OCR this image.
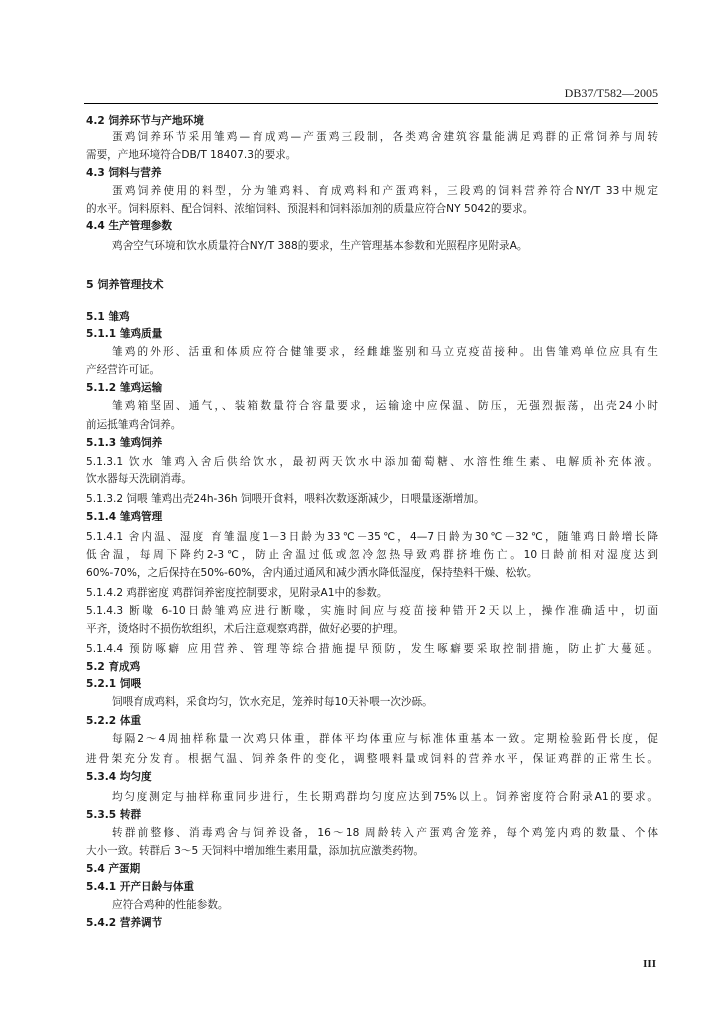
DB37/T582—2005
4.2 饲养环节与产地环境
蛋鸡饲养环节采用雏鸡—育成鸡—产蛋鸡三段制，各类鸡舍建筑容量能满足鸡群的正常饲养与周转
需要，产地环境符合DB/T 18407.3的要求。
4.3 饲料与营养
蛋鸡饲养使用的料型，分为雏鸡料、育成鸡料和产蛋鸡料，三段鸡的饲料营养符合NY/T 33中规定
的水平。饲料原料、配合饲料、浓缩饲料、预混料和饲料添加剂的质量应符合NY 5042的要求。
4.4 生产管理参数
鸡舍空气环境和饮水质量符合NY/T 388的要求，生产管理基本参数和光照程序见附录A。
5 饲养管理技术
5.1 雏鸡
5.1.1 雏鸡质量
雏鸡的外形、活重和体质应符合健雏要求，经雌雄鉴别和马立克疫苗接种。出售雏鸡单位应具有生
产经营许可证。
5.1.2 雏鸡运输
雏鸡箱坚固、通气，、装箱数量符合容量要求，运输途中应保温、防压，无强烈振荡，出壳24小时
前运抵雏鸡舍饲养。
5.1.3 雏鸡饲养
5.1.3.1 饮水 雏鸡入舍后供给饮水，最初两天饮水中添加葡萄糖、水溶性维生素、电解质补充体液。
饮水器每天洗刷消毒。
5.1.3.2 饲喂 雏鸡出壳24h-36h 饲喂开食料，喂料次数逐渐减少，日喂量逐渐增加。
5.1.4 雏鸡管理
5.1.4.1 舍内温、湿度 育雏温度1－3日龄为33℃－35℃，4—7日龄为30℃－32℃，随雏鸡日龄增长降
低舍温，每周下降约2-3℃，防止舍温过低或忽冷忽热导致鸡群挤堆伤亡。10日龄前相对湿度达到
60%-70%，之后保持在50%-60%，舍内通过通风和减少洒水降低湿度，保持垫料干燥、松软。
5.1.4.2 鸡群密度 鸡群饲养密度控制要求，见附录A1中的参数。
5.1.4.3 断喙 6-10日龄雏鸡应进行断喙，实施时间应与疫苗接种错开2天以上，操作准确适中，切面
平齐，烫烙时不损伤软组织，术后注意观察鸡群，做好必要的护理。
5.1.4.4 预防啄癖 应用营养、管理等综合措施提早预防，发生啄癖要采取控制措施，防止扩大蔓延。
5.2 育成鸡
5.2.1 饲喂
饲喂育成鸡料，采食均匀，饮水充足，笼养时每10天补喂一次沙砾。
5.2.2 体重
每隔2～4周抽样称量一次鸡只体重，群体平均体重应与标准体重基本一致。定期检验跖骨长度，促
进骨架充分发育。根据气温、饲养条件的变化，调整喂料量或饲料的营养水平，保证鸡群的正常生长。
5.3.4 均匀度
均匀度测定与抽样称重同步进行，生长期鸡群均匀度应达到75%以上。饲养密度符合附录A1的要求。
5.3.5 转群
转群前整修、消毒鸡舍与饲养设备，16～18 周龄转入产蛋鸡舍笼养，每个鸡笼内鸡的数量、个体
大小一致。转群后 3～5 天饲料中增加维生素用量，添加抗应激类药物。
5.4 产蛋期
5.4.1 开产日龄与体重
应符合鸡种的性能参数。
5.4.2 营养调节
III
